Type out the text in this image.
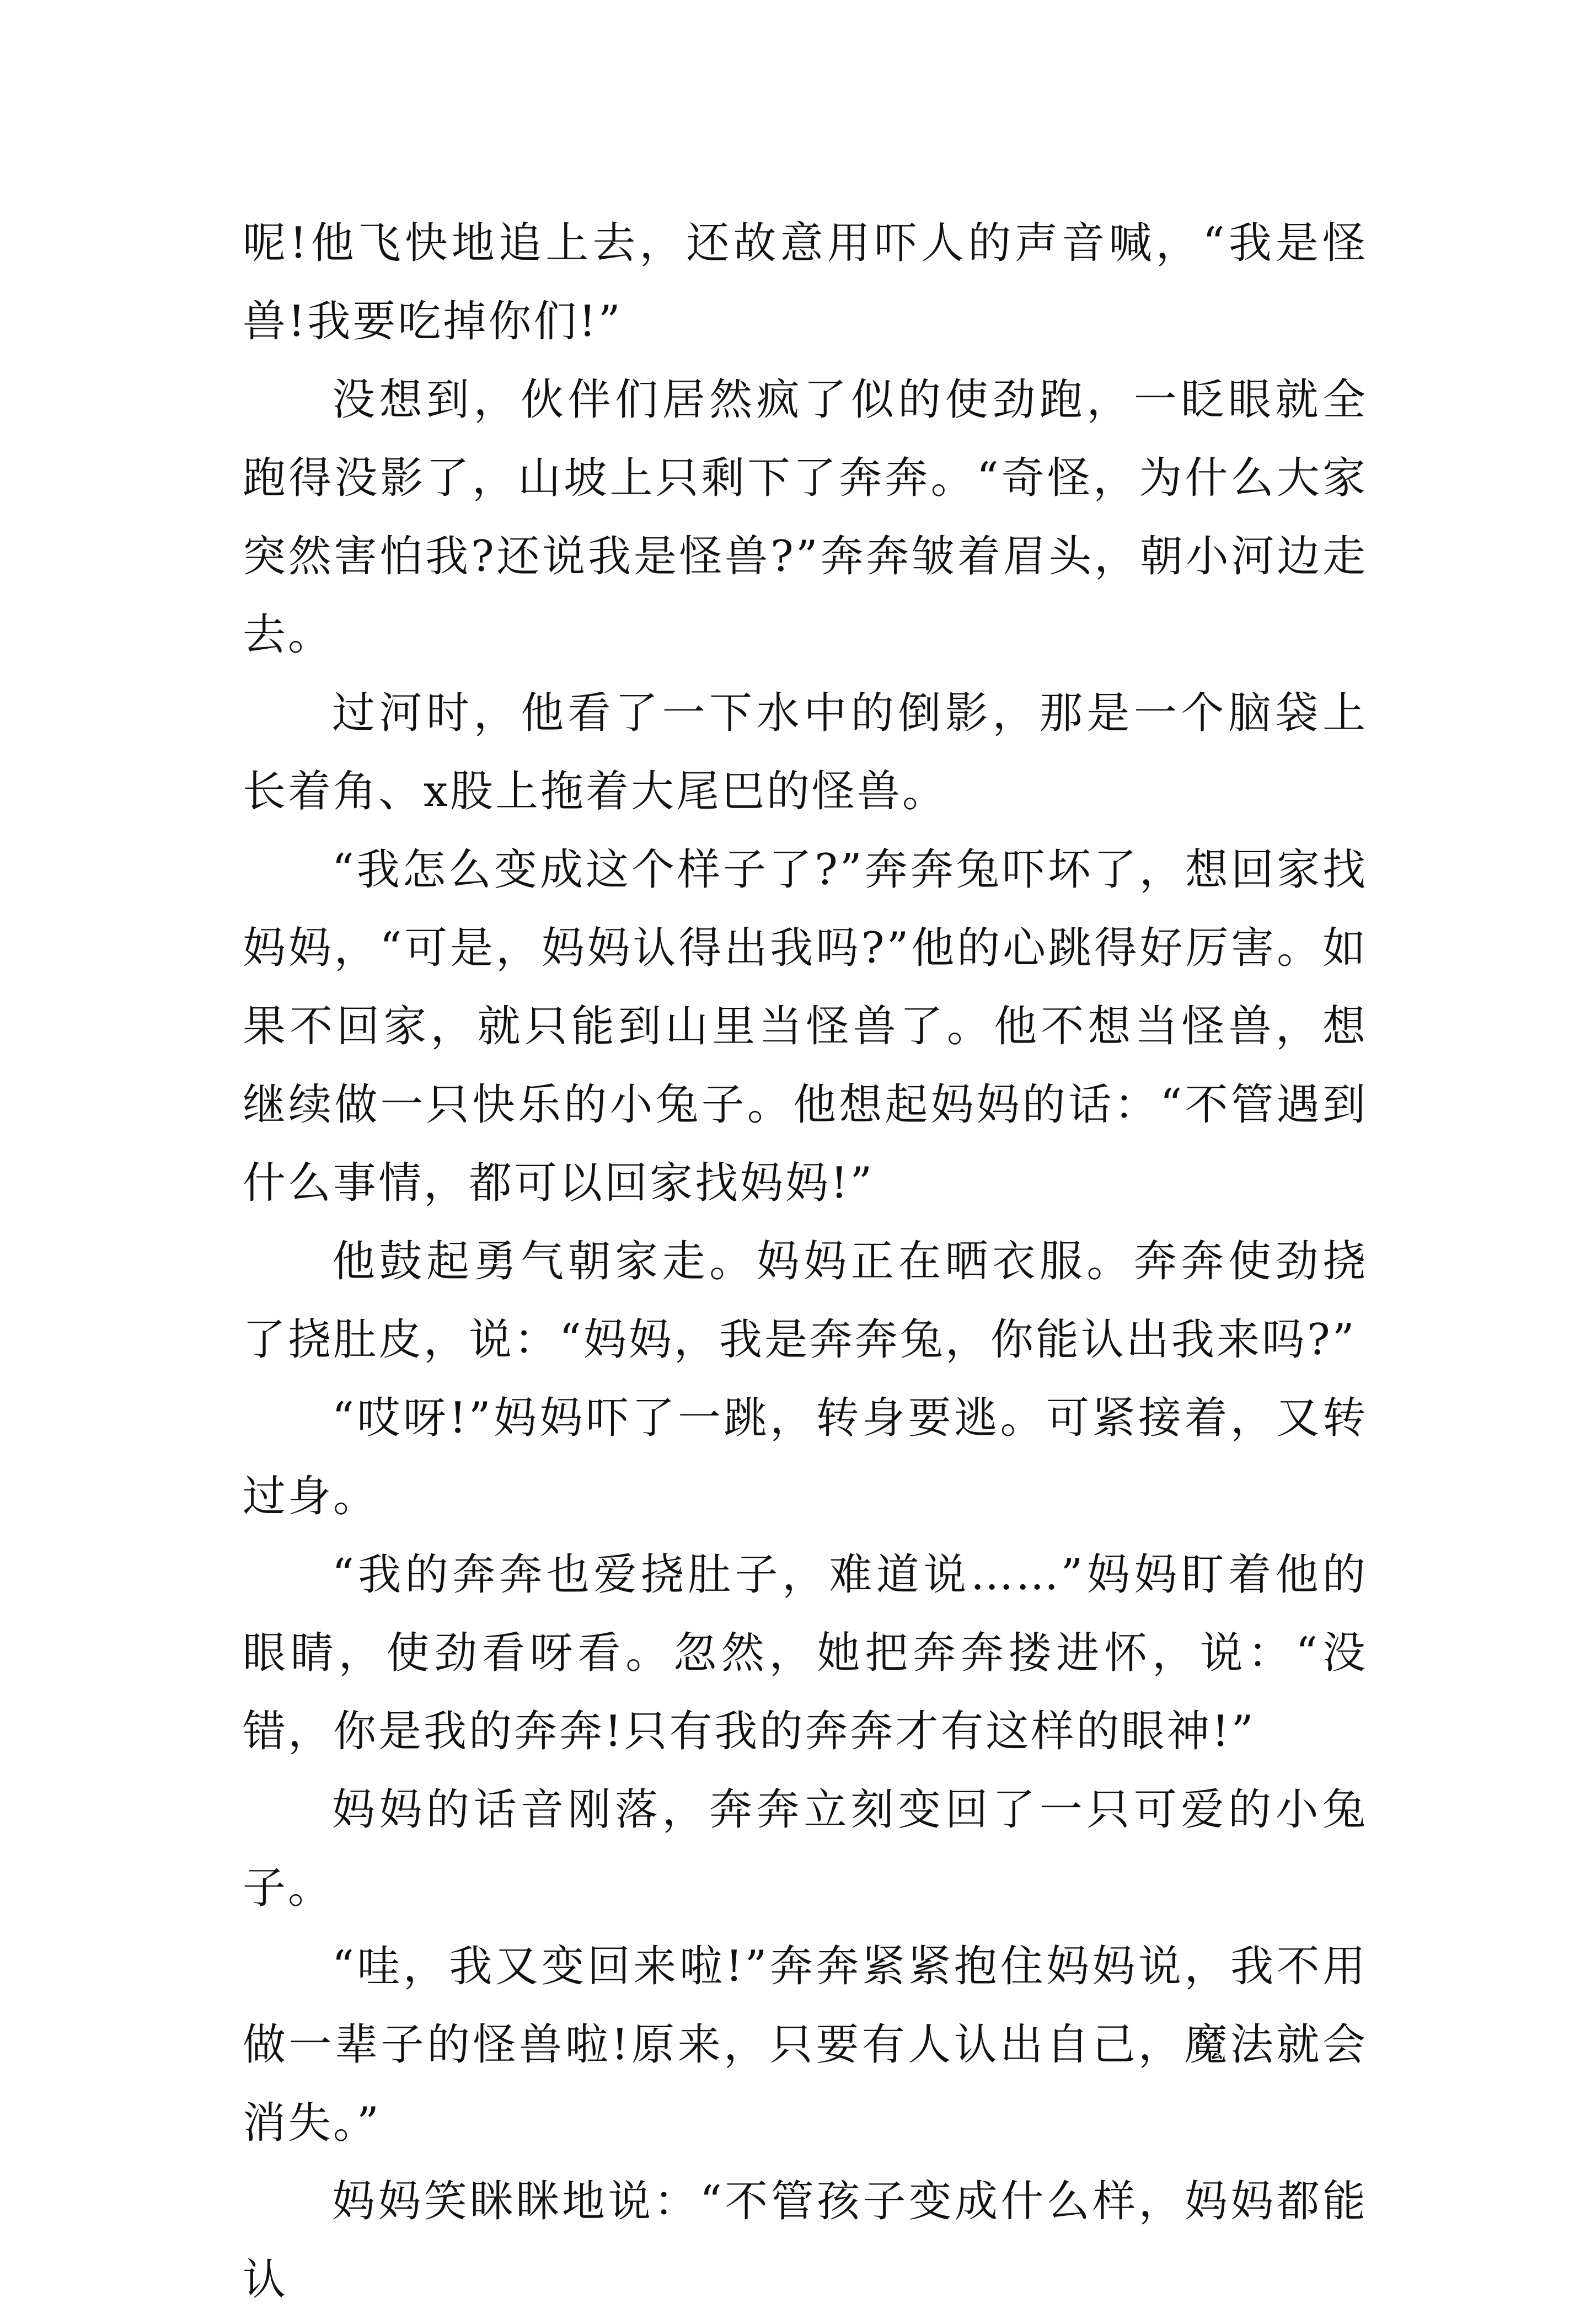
呢!他飞快地追上去，还故意用吓人的声音喊，“我是怪兽!我要吃掉你们!”

没想到，伙伴们居然疯了似的使劲跑，一眨眼就全跑得没影了，山坡上只剩下了奔奔。“奇怪，为什么大家突然害怕我?还说我是怪兽?”奔奔皱着眉头，朝小河边走去。

过河时，他看了一下水中的倒影，那是一个脑袋上长着角、x股上拖着大尾巴的怪兽。

“我怎么变成这个样子了?”奔奔兔吓坏了，想回家找妈妈，“可是，妈妈认得出我吗?”他的心跳得好厉害。如果不回家，就只能到山里当怪兽了。他不想当怪兽，想继续做一只快乐的小兔子。他想起妈妈的话：“不管遇到什么事情，都可以回家找妈妈!”

他鼓起勇气朝家走。妈妈正在晒衣服。奔奔使劲挠了挠肚皮，说：“妈妈，我是奔奔兔，你能认出我来吗?”

“哎呀!”妈妈吓了一跳，转身要逃。可紧接着，又转过身。

“我的奔奔也爱挠肚子，难道说……”妈妈盯着他的眼睛，使劲看呀看。忽然，她把奔奔搂进怀，说：“没错，你是我的奔奔!只有我的奔奔才有这样的眼神!”

妈妈的话音刚落，奔奔立刻变回了一只可爱的小兔子。

“哇，我又变回来啦!”奔奔紧紧抱住妈妈说，我不用做一辈子的怪兽啦!原来，只要有人认出自己，魔法就会消失。”

妈妈笑眯眯地说：“不管孩子变成什么样，妈妈都能认
